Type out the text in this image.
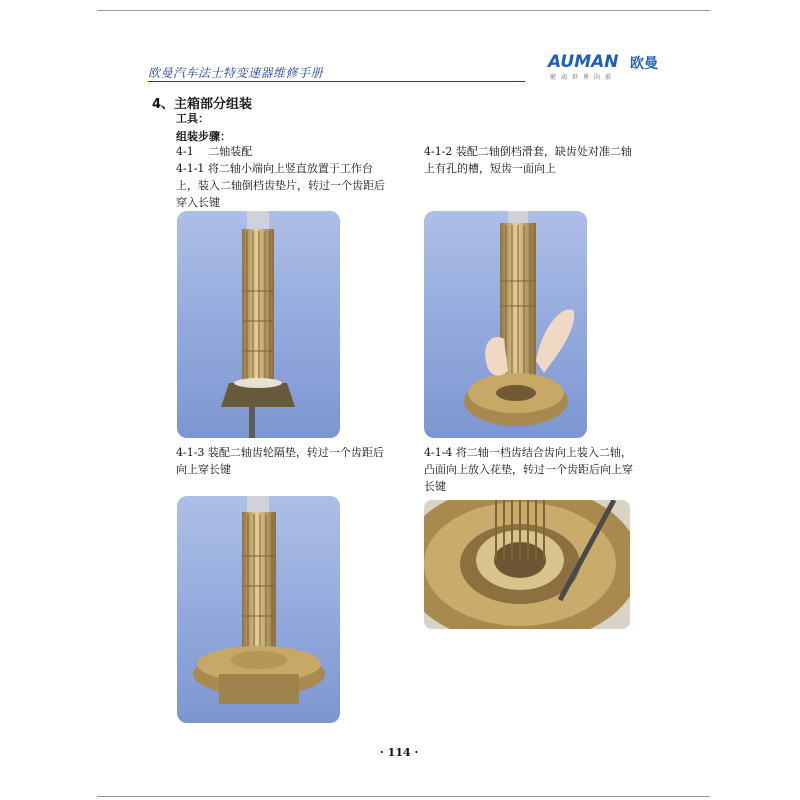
欧曼汽车法士特变速器维修手册
AUMAN 欧曼
驱动世界向前
4、主箱部分组装
工具：
组装步骤：
4-1　 二轴装配
4-1-1 将二轴小端向上竖直放置于工作台
上，装入二轴倒档齿垫片，转过一个齿距后
穿入长键
4-1-2 装配二轴倒档滑套，缺齿处对准二轴
上有孔的槽，短齿一面向上
4-1-3 装配二轴齿轮隔垫，转过一个齿距后
向上穿长键
4-1-4 将二轴一档齿结合齿向上装入二轴，
凸面向上放入花垫，转过一个齿距后向上穿
长键
· 114 ·
